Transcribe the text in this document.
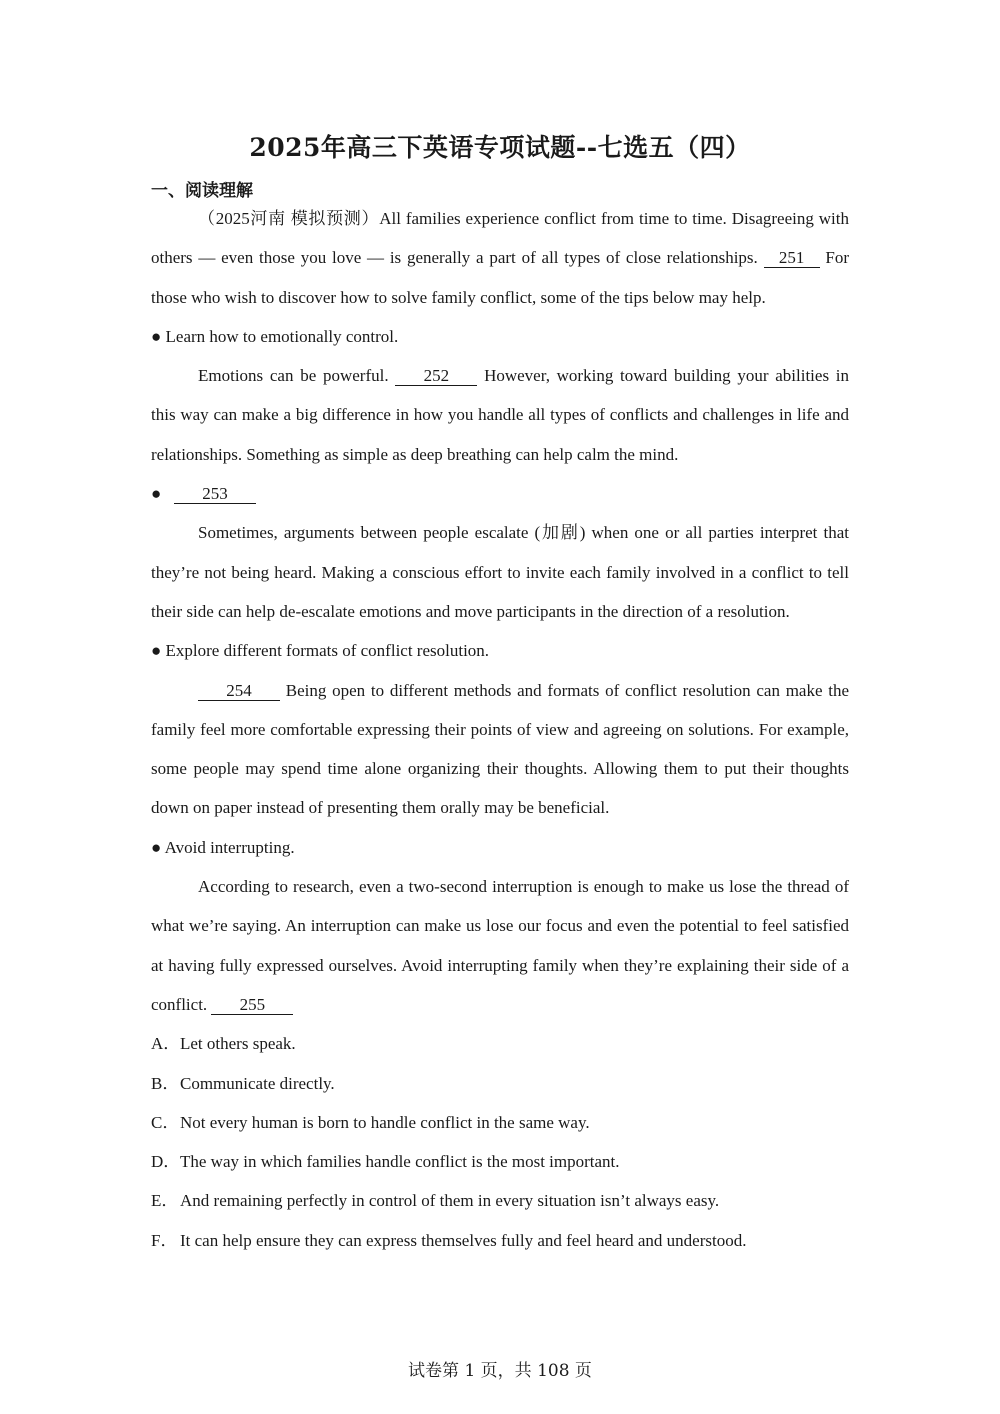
2025年高三下英语专项试题--七选五（四）
一、阅读理解

（2025河南 模拟预测）All families experience conflict from time to time. Disagreeing with others — even those you love — is generally a part of all types of close relationships. 251 For those who wish to discover how to solve family conflict, some of the tips below may help.

● Learn how to emotionally control.

Emotions can be powerful. 252 However, working toward building your abilities in this way can make a big difference in how you handle all types of conflicts and challenges in life and relationships. Something as simple as deep breathing can help calm the mind.

● 253

Sometimes, arguments between people escalate (加剧) when one or all parties interpret that they’re not being heard. Making a conscious effort to invite each family involved in a conflict to tell their side can help de-escalate emotions and move participants in the direction of a resolution.

● Explore different formats of conflict resolution.

254 Being open to different methods and formats of conflict resolution can make the family feel more comfortable expressing their points of view and agreeing on solutions. For example, some people may spend time alone organizing their thoughts. Allowing them to put their thoughts down on paper instead of presenting them orally may be beneficial.

● Avoid interrupting.

According to research, even a two-second interruption is enough to make us lose the thread of what we’re saying. An interruption can make us lose our focus and even the potential to feel satisfied at having fully expressed ourselves. Avoid interrupting family when they’re explaining their side of a conflict. 255

A．Let others speak.

B．Communicate directly.

C．Not every human is born to handle conflict in the same way.

D．The way in which families handle conflict is the most important.

E．And remaining perfectly in control of them in every situation isn’t always easy.

F． It can help ensure they can express themselves fully and feel heard and understood.

试卷第 1 页，共 108 页
